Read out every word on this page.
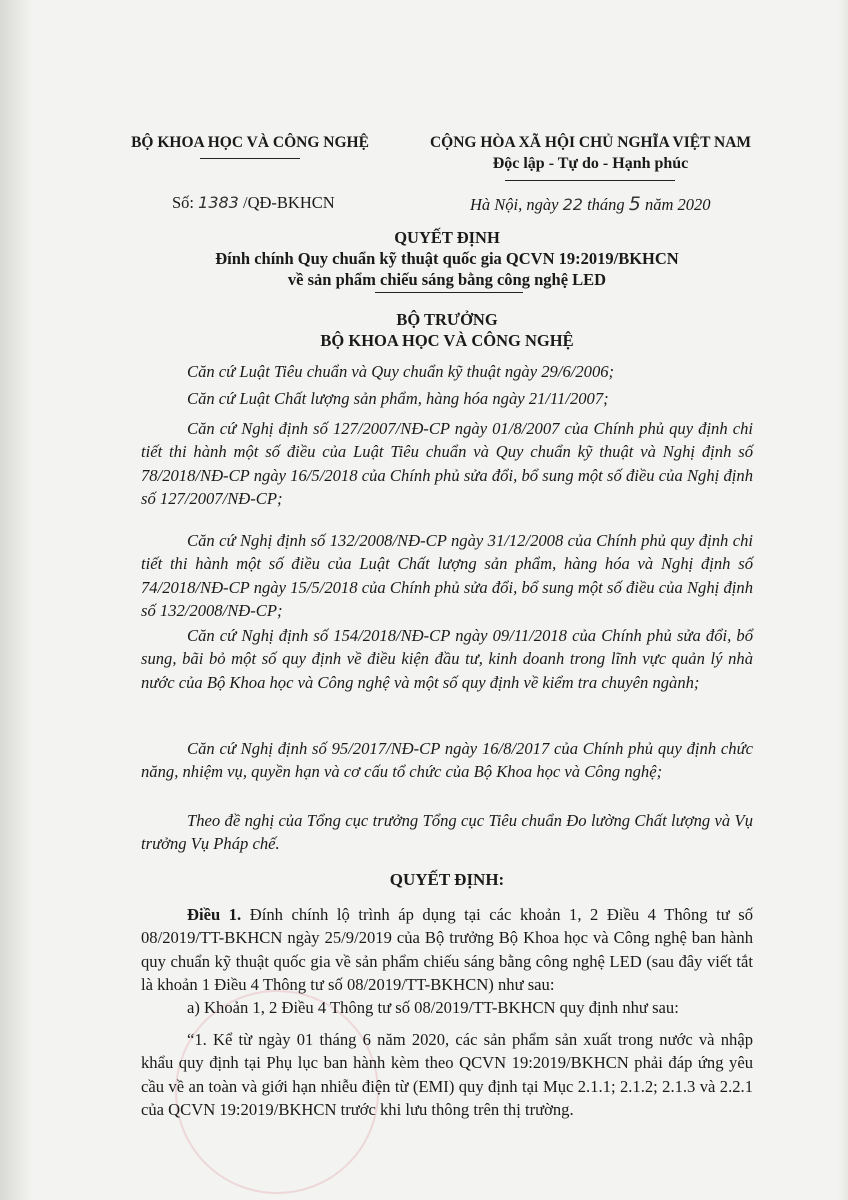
BỘ KHOA HỌC VÀ CÔNG NGHỆ	CỘNG HÒA XÃ HỘI CHỦ NGHĨA VIỆT NAM
Độc lập - Tự do - Hạnh phúc
Số: 1383 /QĐ-BKHCN	Hà Nội, ngày 22 tháng 5 năm 2020
QUYẾT ĐỊNH
Đính chính Quy chuẩn kỹ thuật quốc gia QCVN 19:2019/BKHCN
về sản phẩm chiếu sáng bằng công nghệ LED
BỘ TRƯỞNG
BỘ KHOA HỌC VÀ CÔNG NGHỆ

Căn cứ Luật Tiêu chuẩn và Quy chuẩn kỹ thuật ngày 29/6/2006;

Căn cứ Luật Chất lượng sản phẩm, hàng hóa ngày 21/11/2007;

Căn cứ Nghị định số 127/2007/NĐ-CP ngày 01/8/2007 của Chính phủ quy định chi tiết thi hành một số điều của Luật Tiêu chuẩn và Quy chuẩn kỹ thuật và Nghị định số 78/2018/NĐ-CP ngày 16/5/2018 của Chính phủ sửa đổi, bổ sung một số điều của Nghị định số 127/2007/NĐ-CP;

Căn cứ Nghị định số 132/2008/NĐ-CP ngày 31/12/2008 của Chính phủ quy định chi tiết thi hành một số điều của Luật Chất lượng sản phẩm, hàng hóa và Nghị định số 74/2018/NĐ-CP ngày 15/5/2018 của Chính phủ sửa đổi, bổ sung một số điều của Nghị định số 132/2008/NĐ-CP;

Căn cứ Nghị định số 154/2018/NĐ-CP ngày 09/11/2018 của Chính phủ sửa đổi, bổ sung, bãi bỏ một số quy định về điều kiện đầu tư, kinh doanh trong lĩnh vực quản lý nhà nước của Bộ Khoa học và Công nghệ và một số quy định về kiểm tra chuyên ngành;

Căn cứ Nghị định số 95/2017/NĐ-CP ngày 16/8/2017 của Chính phủ quy định chức năng, nhiệm vụ, quyền hạn và cơ cấu tổ chức của Bộ Khoa học và Công nghệ;

Theo đề nghị của Tổng cục trưởng Tổng cục Tiêu chuẩn Đo lường Chất lượng và Vụ trưởng Vụ Pháp chế.

QUYẾT ĐỊNH:

Điều 1. Đính chính lộ trình áp dụng tại các khoản 1, 2 Điều 4 Thông tư số 08/2019/TT-BKHCN ngày 25/9/2019 của Bộ trưởng Bộ Khoa học và Công nghệ ban hành quy chuẩn kỹ thuật quốc gia về sản phẩm chiếu sáng bằng công nghệ LED (sau đây viết tắt là khoản 1 Điều 4 Thông tư số 08/2019/TT-BKHCN) như sau:

a) Khoản 1, 2 Điều 4 Thông tư số 08/2019/TT-BKHCN quy định như sau:

“1. Kể từ ngày 01 tháng 6 năm 2020, các sản phẩm sản xuất trong nước và nhập khẩu quy định tại Phụ lục ban hành kèm theo QCVN 19:2019/BKHCN phải đáp ứng yêu cầu về an toàn và giới hạn nhiễu điện từ (EMI) quy định tại Mục 2.1.1; 2.1.2; 2.1.3 và 2.2.1 của QCVN 19:2019/BKHCN trước khi lưu thông trên thị trường.
